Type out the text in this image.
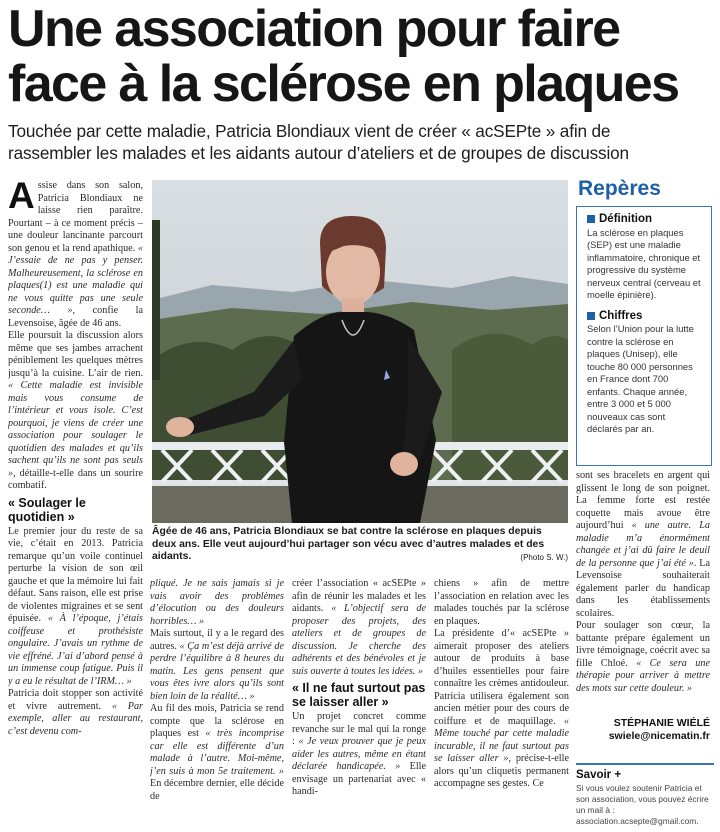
Une association pour faire
face à la sclérose en plaques
Touchée par cette maladie, Patricia Blondiaux vient de créer « acSEPte » afin de
rassembler les malades et les aidants autour d’ateliers et de groupes de discussion

Assise dans son salon, Patricia Blondiaux ne laisse rien paraître. Pourtant – à ce moment précis – une douleur lancinante parcourt son genou et la rend apathique. « J’essaie de ne pas y penser. Malheureusement, la sclérose en plaques(1) est une maladie qui ne vous quitte pas une seule seconde… », confie la Levensoise, âgée de 46 ans.

Elle poursuit la discussion alors même que ses jambes arrachent péniblement les quelques mètres jusqu’à la cuisine. L’air de rien. « Cette maladie est invisible mais vous consume de l’intérieur et vous isole. C’est pourquoi, je viens de créer une association pour soulager le quotidien des malades et qu’ils sachent qu’ils ne sont pas seuls », détaille-t-elle dans un sourire combatif.

« Soulager le quotidien »

Le premier jour du reste de sa vie, c’était en 2013. Patricia remarque qu’un voile continuel perturbe la vision de son œil gauche et que la mémoire lui fait défaut. Sans raison, elle est prise de violentes migraines et se sent épuisée. « À l’époque, j’étais coiffeuse et prothésiste ongulaire. J’avais un rythme de vie effréné. J’ai d’abord pensé à un immense coup fatigue. Puis il y a eu le résultat de l’IRM… »

Patricia doit stopper son activité et vivre autrement. « Par exemple, aller au restaurant, c’est devenu com-

Âgée de 46 ans, Patricia Blondiaux se bat contre la sclérose en plaques depuis
deux ans. Elle veut aujourd’hui partager son vécu avec d’autres malades et des
aidants.	(Photo S. W.)

pliqué. Je ne sais jamais si je vais avoir des problèmes d’élocution ou des douleurs horribles… »

Mais surtout, il y a le regard des autres. « Ça m’est déjà arrivé de perdre l’équilibre à 8 heures du matin. Les gens pensent que vous êtes ivre alors qu’ils sont bien loin de la réalité… »

Au fil des mois, Patricia se rend compte que la sclérose en plaques est « très incomprise car elle est différente d’un malade à l’autre. Moi-même, j’en suis à mon 5e traitement. » En décembre dernier, elle décide de

créer l’association « acSEPte » afin de réunir les malades et les aidants. « L’objectif sera de proposer des projets, des ateliers et de groupes de discussion. Je cherche des adhérents et des bénévoles et je suis ouverte à toutes les idées. »

« Il ne faut surtout pas se laisser aller »

Un projet concret comme revanche sur le mal qui la ronge : « Je veux prouver que je peux aider les autres, même en étant déclarée handicapée. » Elle envisage un partenariat avec « handi-

chiens » afin de mettre l’association en relation avec les malades touchés par la sclérose en plaques.

La présidente d’« acSEPte » aimerait proposer des ateliers autour de produits à base d’huiles essentielles pour faire connaître les crèmes antidouleur. Patricia utilisera également son ancien métier pour des cours de coiffure et de maquillage. « Même touché par cette maladie incurable, il ne faut surtout pas se laisser aller », précise-t-elle alors qu’un cliquetis permanent accompagne ses gestes. Ce

Repères
Définition
La sclérose en plaques (SEP) est une maladie inflammatoire, chronique et progressive du système nerveux central (cerveau et moelle épinière).
Chiffres
Selon l’Union pour la lutte contre la sclérose en plaques (Unisep), elle touche 80 000 personnes en France dont 700 enfants. Chaque année, entre 3 000 et 5 000 nouveaux cas sont déclarés par an.

sont ses bracelets en argent qui glissent le long de son poignet. La femme forte est restée coquette mais avoue être aujourd’hui « une autre. La maladie m’a énormément changée et j’ai dû faire le deuil de la personne que j’ai été ». La Levensoise souhaiterait également parler du handicap dans les établissements scolaires.

Pour soulager son cœur, la battante prépare également un livre témoignage, coécrit avec sa fille Chloé. « Ce sera une thérapie pour arriver à mettre des mots sur cette douleur. »

STÉPHANIE WIÉLÉ
swiele@nicematin.fr
Savoir +
Si vous voulez soutenir Patricia et son association, vous pouvez écrire un mail à : association.acsepte@gmail.com.
